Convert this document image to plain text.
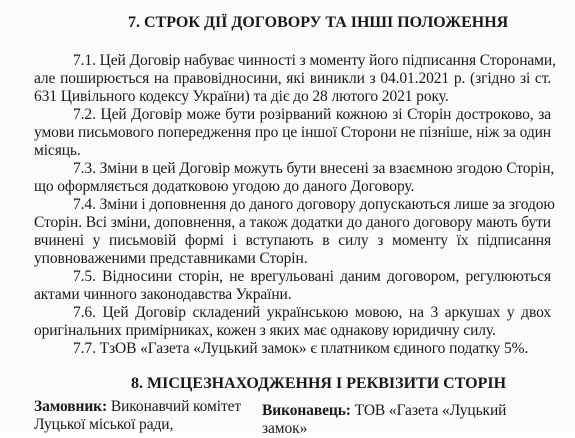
7. СТРОК ДІЇ ДОГОВОРУ ТА ІНШІ ПОЛОЖЕННЯ
7.1. Цей Договір набуває чинності з моменту його підписання Сторонами,
але поширюється на правовідносини, які виникли з 04.01.2021 р. (згідно зі ст.
631 Цивільного кодексу України) та діє до 28 лютого 2021 року.
7.2. Цей Договір може бути розірваний кожною зі Сторін достроково, за
умови письмового попередження про це іншої Сторони не пізніше, ніж за один
місяць.
7.3. Зміни в цей Договір можуть бути внесені за взаємною згодою Сторін,
що оформляється додатковою угодою до даного Договору.
7.4. Зміни і доповнення до даного договору допускаються лише за згодою
Сторін. Всі зміни, доповнення, а також додатки до даного договору мають бути
вчинені у письмовій формі і вступають в силу з моменту їх підписання
уповноваженими представниками Сторін.
7.5. Відносини сторін, не врегульовані даним договором, регулюються
актами чинного законодавства України.
7.6. Цей Договір складений українською мовою, на 3 аркушах у двох
оригінальних примірниках, кожен з яких має однакову юридичну силу.
7.7. ТзОВ «Газета «Луцький замок» є платником єдиного податку 5%.
8. МІСЦЕЗНАХОДЖЕННЯ І РЕКВІЗИТИ СТОРІН
Замовник: Виконавчий комітет
Луцької міської ради,
Виконавець: ТОВ «Газета «Луцький
замок»
